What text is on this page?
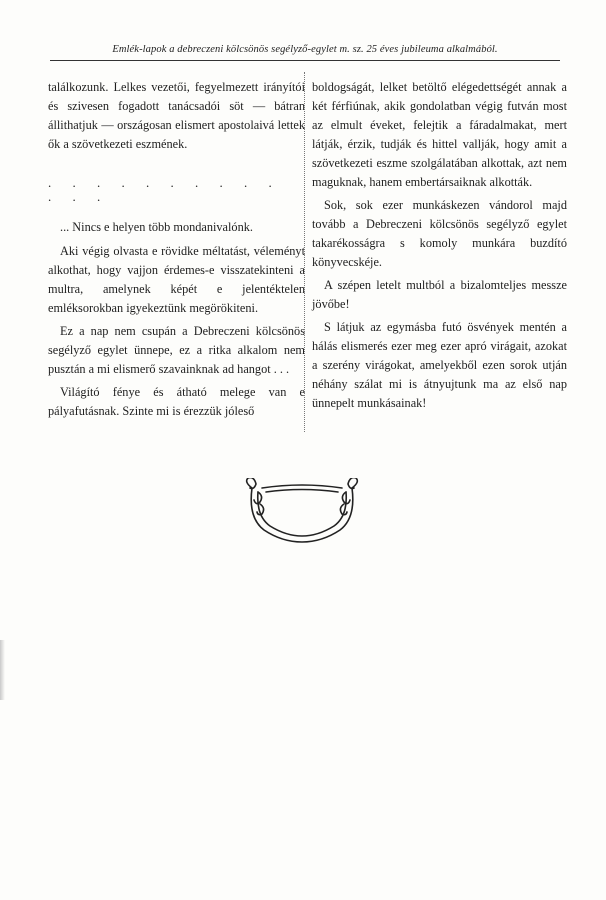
Emlék-lapok a debreczeni kölcsönös segélyző-egylet m. sz. 25 éves jubileuma alkalmából.

találkozunk. Lelkes vezetői, fegyelmezett irányítói és szivesen fogadott tanácsadói söt — bátran állithatjuk — országosan elismert apostolaivá lettek ők a szövetkezeti eszmének.

. . . . . . . . . . . . .

... Nincs e helyen több mondanivalónk.

Aki végig olvasta e rövidke méltatást, véleményt alkothat, hogy vajjon érdemes-e visszatekinteni a multra, amelynek képét e jelentéktelen emléksorokban igyekeztünk megörökiteni.

Ez a nap nem csupán a Debreczeni kölcsönös segélyző egylet ünnepe, ez a ritka alkalom nem pusztán a mi elismerő szavainknak ad hangot . . .

Világító fénye és átható melege van e pályafutásnak. Szinte mi is érezzük jóleső

boldogságát, lelket betöltő elégedettségét annak a két férfiúnak, akik gondolatban végig futván most az elmult éveket, felejtik a fáradalmakat, mert látják, érzik, tudják és hittel vallják, hogy amit a szövetkezeti eszme szolgálatában alkottak, azt nem maguknak, hanem embertársaiknak alkották.

Sok, sok ezer munkáskezen vándorol majd tovább a Debreczeni kölcsönös segélyző egylet takarékosságra s komoly munkára buzdító könyvecskéje.

A szépen letelt multból a bizalomteljes messze jövőbe!

S látjuk az egymásba futó ösvények mentén a hálás elismerés ezer meg ezer apró virágait, azokat a szerény virágokat, amelyekből ezen sorok utján néhány szálat mi is átnyujtunk ma az első nap ünnepelt munkásainak!
